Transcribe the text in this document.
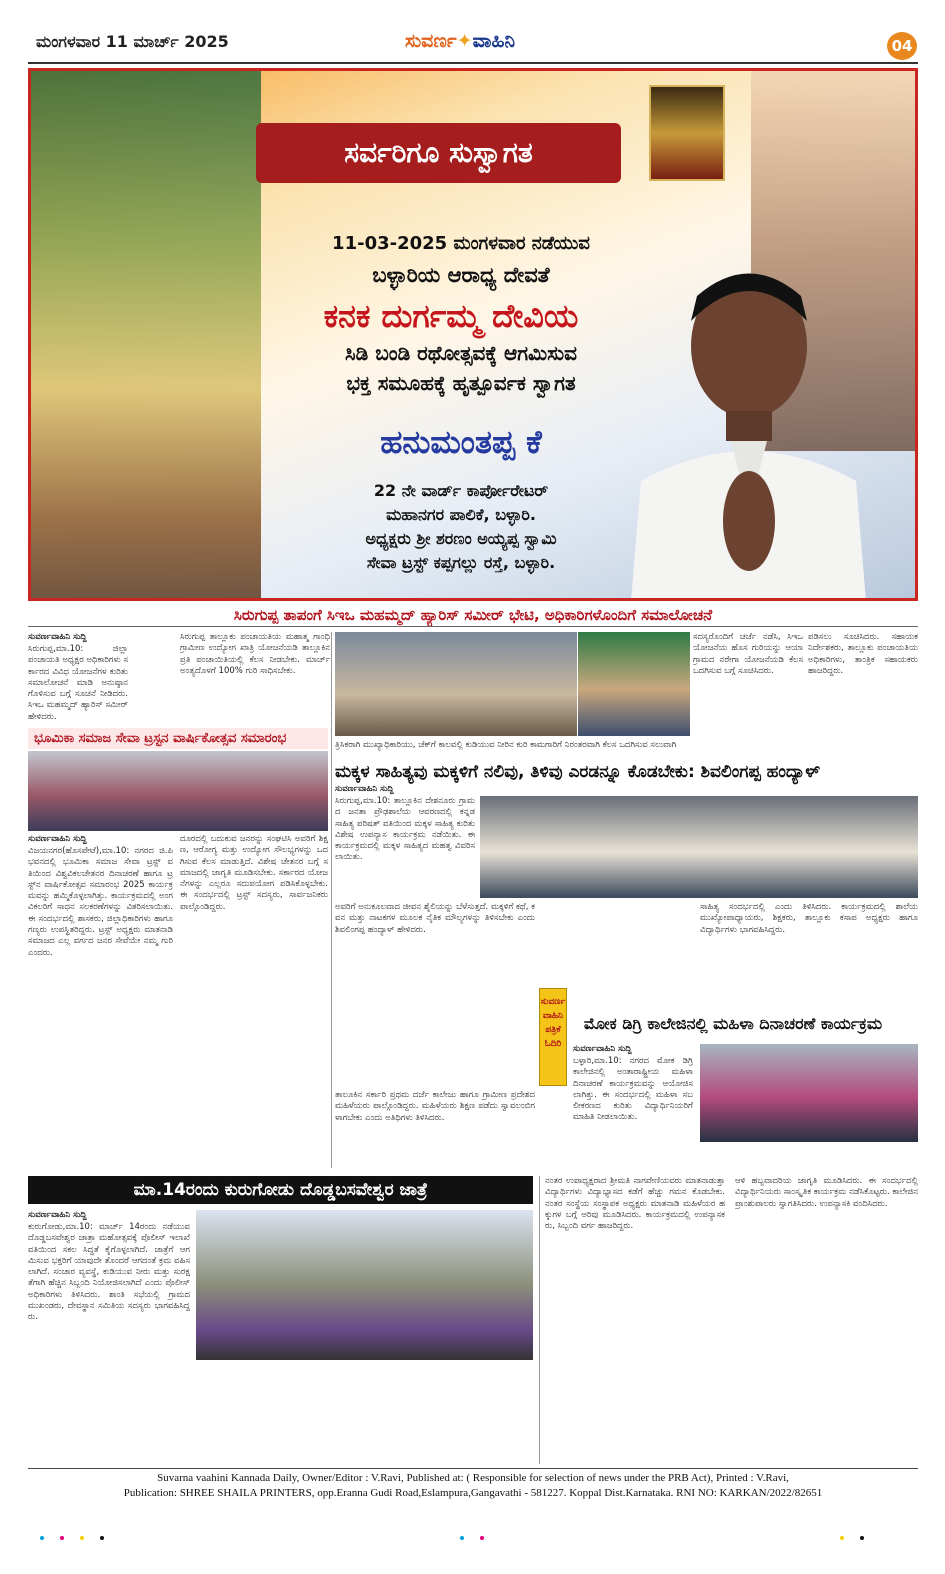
ಮಂಗಳವಾರ 11 ಮಾರ್ಚ್ 2025	ಸುವರ್ಣ✦ವಾಹಿನಿ	04
ಸರ್ವರಿಗೂ ಸುಸ್ವಾಗತ
11-03-2025 ಮಂಗಳವಾರ ನಡೆಯುವ
ಬಳ್ಳಾರಿಯ ಆರಾಧ್ಯ ದೇವತೆ
ಕನಕ ದುರ್ಗಮ್ಮ ದೇವಿಯ
ಸಿಡಿ ಬಂಡಿ ರಥೋತ್ಸವಕ್ಕೆ ಆಗಮಿಸುವ
ಭಕ್ತ ಸಮೂಹಕ್ಕೆ ಹೃತ್ಪೂರ್ವಕ ಸ್ವಾಗತ
ಹನುಮಂತಪ್ಪ ಕೆ
22 ನೇ ವಾರ್ಡ್ ಕಾರ್ಪೋರೇಟರ್
ಮಹಾನಗರ ಪಾಲಿಕೆ, ಬಳ್ಳಾರಿ.
ಅಧ್ಯಕ್ಷರು ಶ್ರೀ ಶರಣಂ ಅಯ್ಯಪ್ಪ ಸ್ವಾಮಿ
ಸೇವಾ ಟ್ರಸ್ಟ್ ಕಪ್ಪಗಲ್ಲು ರಸ್ತೆ, ಬಳ್ಳಾರಿ.
ಸಿರುಗುಪ್ಪ ತಾಪಂಗೆ ಸಿಇಒ ಮಹಮ್ಮದ್ ಹ್ಯಾರಿಸ್ ಸಮೀರ್ ಭೇಟಿ, ಅಧಿಕಾರಿಗಳೊಂದಿಗೆ ಸಮಾಲೋಚನೆ
ಸುವರ್ಣವಾಹಿನಿ ಸುದ್ದಿ
ಸಿರುಗುಪ್ಪ,ಮಾ.10: ಜಿಲ್ಲಾ ಪಂಚಾಯತಿ ಅಧ್ಯಕ್ಷರ ಅಧಿಕಾರಿಗಳು ಸರ್ಕಾರದ ವಿವಿಧ ಯೋಜನೆಗಳ ಕುರಿತು ಸಮಾಲೋಚನೆ ಮಾಡಿ ಅನುಷ್ಠಾನಗೊಳಿಸುವ ಬಗ್ಗೆ ಸೂಚನೆ ನೀಡಿದರು. ಸಿಇಒ ಮಹಮ್ಮದ್ ಹ್ಯಾರಿಸ್ ಸಮೀರ್ ಹೇಳಿದರು.
ಸಿರುಗುಪ್ಪ ತಾಲ್ಲೂಕು ಪಂಚಾಯತಿಯ ಮಹಾತ್ಮ ಗಾಂಧಿ ಗ್ರಾಮೀಣ ಉದ್ಯೋಗ ಖಾತ್ರಿ ಯೋಜನೆಯಡಿ ತಾಲ್ಲೂಕಿನ ಪ್ರತಿ ಪಂಚಾಯಿತಿಯಲ್ಲಿ ಕೆಲಸ ನೀಡಬೇಕು. ಮಾರ್ಚ್ ಅಂತ್ಯದೊಳಗೆ 100% ಗುರಿ ಸಾಧಿಸಬೇಕು.
ಸದಸ್ಯರೊಂದಿಗೆ ಚರ್ಚೆ ನಡೆಸಿ, ಸಿಇಒ ಯೋಜನೆಯ ಹೊಸ ಗುರಿಯನ್ನು ಆಯಾ ಗ್ರಾಮದ ನರೇಗಾ ಯೋಜನೆಯಡಿ ಕೆಲಸ ಒದಗಿಸುವ ಬಗ್ಗೆ ಸೂಚಿಸಿದರು.
ಪಡಿಸಲು ಸೂಚಿಸಿದರು. ಸಹಾಯಕ ನಿರ್ದೇಶಕರು, ತಾಲ್ಲೂಕು ಪಂಚಾಯತಿಯ ಅಧಿಕಾರಿಗಳು, ತಾಂತ್ರಿಕ ಸಹಾಯಕರು ಹಾಜರಿದ್ದರು.
ತ್ರಿಸಿಕರಾಗಿ ಮುಖ್ಯಾಧಿಕಾರಿಯು, ಚೆಕ್‌ಗೆ ಕಾಲವಲ್ಲಿ ಕುಡಿಯುವ ನೀರಿನ ಕುರಿ ಕಾಮಗಾರಿಗೆ ನಿರಂತರವಾಗಿ ಕೆಲಸ ಒದಗಿಸುವ ಸಲುವಾಗಿ
ಭೂಮಿಕಾ ಸಮಾಜ ಸೇವಾ ಟ್ರಸ್ಟನ ವಾರ್ಷಿಕೋತ್ಸವ ಸಮಾರಂಭ
ಸುವರ್ಣವಾಹಿನಿ ಸುದ್ದಿ
ವಿಜಯನಗರ(ಹೊಸಪೇಟೆ),ಮಾ.10: ನಗರದ ಜಿ.ಪಿ ಭವನದಲ್ಲಿ ಭೂಮಿಕಾ ಸಮಾಜ ಸೇವಾ ಟ್ರಸ್ಟ್ ವತಿಯಿಂದ ವಿಶ್ವವಿಕಲಚೇತನರ ದಿನಾಚರಣೆ ಹಾಗೂ ಟ್ರಸ್ಟ್‌ನ ವಾರ್ಷಿಕೋತ್ಸವ ಸಮಾರಂಭ 2025 ಕಾರ್ಯಕ್ರಮವನ್ನು ಹಮ್ಮಿಕೊಳ್ಳಲಾಗಿತ್ತು. ಕಾರ್ಯಕ್ರಮದಲ್ಲಿ ಅಂಗವಿಕಲರಿಗೆ ಸಾಧನ ಸಲಕರಣೆಗಳನ್ನು ವಿತರಿಸಲಾಯಿತು. ಈ ಸಂದರ್ಭದಲ್ಲಿ ಶಾಸಕರು, ಜಿಲ್ಲಾಧಿಕಾರಿಗಳು ಹಾಗೂ ಗಣ್ಯರು ಉಪಸ್ಥಿತರಿದ್ದರು. ಟ್ರಸ್ಟ್ ಅಧ್ಯಕ್ಷರು ಮಾತನಾಡಿ ಸಮಾಜದ ಎಲ್ಲ ವರ್ಗದ ಜನರ ಸೇವೆಯೇ ನಮ್ಮ ಗುರಿ ಎಂದರು.
ದೂರದಲ್ಲಿ ಬದುಕುವ ಜನರನ್ನು ಸಂಘಟಿಸಿ ಅವರಿಗೆ ಶಿಕ್ಷಣ, ಆರೋಗ್ಯ ಮತ್ತು ಉದ್ಯೋಗ ಸೌಲಭ್ಯಗಳನ್ನು ಒದಗಿಸುವ ಕೆಲಸ ಮಾಡುತ್ತಿದೆ. ವಿಶೇಷ ಚೇತನರ ಬಗ್ಗೆ ಸಮಾಜದಲ್ಲಿ ಜಾಗೃತಿ ಮೂಡಿಸಬೇಕು. ಸರ್ಕಾರದ ಯೋಜನೆಗಳನ್ನು ಎಲ್ಲರೂ ಸದುಪಯೋಗ ಪಡಿಸಿಕೊಳ್ಳಬೇಕು. ಈ ಸಂದರ್ಭದಲ್ಲಿ ಟ್ರಸ್ಟ್ ಸದಸ್ಯರು, ಸಾರ್ವಜನಿಕರು ಪಾಲ್ಗೊಂಡಿದ್ದರು.
ಮಕ್ಕಳ ಸಾಹಿತ್ಯವು ಮಕ್ಕಳಿಗೆ ನಲಿವು, ತಿಳಿವು ಎರಡನ್ನೂ ಕೊಡಬೇಕು: ಶಿವಲಿಂಗಪ್ಪ ಹಂದ್ಯಾಳ್
ಸುವರ್ಣವಾಹಿನಿ ಸುದ್ದಿ
ಸಿರುಗುಪ್ಪ,ಮಾ.10: ತಾಲ್ಲೂಕಿನ ದೇಶನೂರು ಗ್ರಾಮದ ಜನತಾ ಪ್ರೌಢಶಾಲೆಯ ಆವರಣದಲ್ಲಿ ಕನ್ನಡ ಸಾಹಿತ್ಯ ಪರಿಷತ್ ವತಿಯಿಂದ ಮಕ್ಕಳ ಸಾಹಿತ್ಯ ಕುರಿತು ವಿಶೇಷ ಉಪನ್ಯಾಸ ಕಾರ್ಯಕ್ರಮ ನಡೆಯಿತು. ಈ ಕಾರ್ಯಕ್ರಮದಲ್ಲಿ ಮಕ್ಕಳ ಸಾಹಿತ್ಯದ ಮಹತ್ವ ವಿವರಿಸಲಾಯಿತು.
ಅವರಿಗೆ ಅನುಕೂಲವಾದ ಜೀವನ ಶೈಲಿಯನ್ನು ಬೆಳೆಸುತ್ತದೆ. ಮಕ್ಕಳಿಗೆ ಕಥೆ, ಕವನ ಮತ್ತು ನಾಟಕಗಳ ಮೂಲಕ ನೈತಿಕ ಮೌಲ್ಯಗಳನ್ನು ತಿಳಿಸಬೇಕು ಎಂದು ಶಿವಲಿಂಗಪ್ಪ ಹಂದ್ಯಾಳ್ ಹೇಳಿದರು.
ಸಾಹಿತ್ಯ ಸಂದರ್ಭದಲ್ಲಿ ಎಂದು ತಿಳಿಸಿದರು. ಕಾರ್ಯಕ್ರಮದಲ್ಲಿ ಶಾಲೆಯ ಮುಖ್ಯೋಪಾಧ್ಯಾಯರು, ಶಿಕ್ಷಕರು, ತಾಲ್ಲೂಕು ಕಸಾಪ ಅಧ್ಯಕ್ಷರು ಹಾಗೂ ವಿದ್ಯಾರ್ಥಿಗಳು ಭಾಗವಹಿಸಿದ್ದರು.
ಸುವರ್ಣ ವಾಹಿನಿ ಪತ್ರಿಕೆ ಓದಿರಿ
ಮೋಕ ಡಿಗ್ರಿ ಕಾಲೇಜಿನಲ್ಲಿ ಮಹಿಳಾ ದಿನಾಚರಣೆ ಕಾರ್ಯಕ್ರಮ
ಸುವರ್ಣವಾಹಿನಿ ಸುದ್ದಿ
ಬಳ್ಳಾರಿ,ಮಾ.10: ನಗರದ ಮೋಕ ಡಿಗ್ರಿ ಕಾಲೇಜಿನಲ್ಲಿ ಅಂತಾರಾಷ್ಟ್ರೀಯ ಮಹಿಳಾ ದಿನಾಚರಣೆ ಕಾರ್ಯಕ್ರಮವನ್ನು ಆಯೋಜಿಸಲಾಗಿತ್ತು. ಈ ಸಂದರ್ಭದಲ್ಲಿ ಮಹಿಳಾ ಸಬಲೀಕರಣದ ಕುರಿತು ವಿದ್ಯಾರ್ಥಿನಿಯರಿಗೆ ಮಾಹಿತಿ ನೀಡಲಾಯಿತು.
ತಾಲೂಕಿನ ಸರ್ಕಾರಿ ಪ್ರಥಮ ದರ್ಜೆ ಕಾಲೇಜು ಹಾಗೂ ಗ್ರಾಮೀಣ ಪ್ರದೇಶದ ಮಹಿಳೆಯರು ಪಾಲ್ಗೊಂಡಿದ್ದರು. ಮಹಿಳೆಯರು ಶಿಕ್ಷಣ ಪಡೆದು ಸ್ವಾವಲಂಬಿಗಳಾಗಬೇಕು ಎಂದು ಅತಿಥಿಗಳು ತಿಳಿಸಿದರು.
ಮಾ.14ರಂದು ಕುರುಗೋಡು ದೊಡ್ಡಬಸವೇಶ್ವರ ಜಾತ್ರೆ
ಸುವರ್ಣವಾಹಿನಿ ಸುದ್ದಿ
ಕುರುಗೋಡು,ಮಾ.10: ಮಾರ್ಚ್ 14ರಂದು ನಡೆಯುವ ದೊಡ್ಡಬಸವೇಶ್ವರ ಜಾತ್ರಾ ಮಹೋತ್ಸವಕ್ಕೆ ಪೊಲೀಸ್ ಇಲಾಖೆ ವತಿಯಿಂದ ಸಕಲ ಸಿದ್ಧತೆ ಕೈಗೊಳ್ಳಲಾಗಿದೆ. ಜಾತ್ರೆಗೆ ಆಗಮಿಸುವ ಭಕ್ತರಿಗೆ ಯಾವುದೇ ತೊಂದರೆ ಆಗದಂತೆ ಕ್ರಮ ವಹಿಸಲಾಗಿದೆ. ಸಂಚಾರ ವ್ಯವಸ್ಥೆ, ಕುಡಿಯುವ ನೀರು ಮತ್ತು ಸುರಕ್ಷತೆಗಾಗಿ ಹೆಚ್ಚಿನ ಸಿಬ್ಬಂದಿ ನಿಯೋಜಿಸಲಾಗಿದೆ ಎಂದು ಪೊಲೀಸ್ ಅಧಿಕಾರಿಗಳು ತಿಳಿಸಿದರು. ಶಾಂತಿ ಸಭೆಯಲ್ಲಿ ಗ್ರಾಮದ ಮುಖಂಡರು, ದೇವಸ್ಥಾನ ಸಮಿತಿಯ ಸದಸ್ಯರು ಭಾಗವಹಿಸಿದ್ದರು.
ನಂತರ ಉಪಾಧ್ಯಕ್ಷರಾದ ಶ್ರೀಮತಿ ನಾಗವೇಣಿಯವರು ಮಾತನಾಡುತ್ತಾ ವಿದ್ಯಾರ್ಥಿಗಳು ವಿದ್ಯಾಭ್ಯಾಸದ ಕಡೆಗೆ ಹೆಚ್ಚು ಗಮನ ಕೊಡಬೇಕು. ನಂತರ ಸಂಸ್ಥೆಯ ಸಂಸ್ಥಾಪಕ ಅಧ್ಯಕ್ಷರು ಮಾತನಾಡಿ ಮಹಿಳೆಯರ ಹಕ್ಕುಗಳ ಬಗ್ಗೆ ಅರಿವು ಮೂಡಿಸಿದರು. ಕಾರ್ಯಕ್ರಮದಲ್ಲಿ ಉಪನ್ಯಾಸಕರು, ಸಿಬ್ಬಂದಿ ವರ್ಗ ಹಾಜರಿದ್ದರು.
ಆಳಿ ಹಬ್ಬವಾದರಿಯ ಜಾಗೃತಿ ಮೂಡಿಸಿದರು. ಈ ಸಂದರ್ಭದಲ್ಲಿ ವಿದ್ಯಾರ್ಥಿನಿಯರು ಸಾಂಸ್ಕೃತಿಕ ಕಾರ್ಯಕ್ರಮ ನಡೆಸಿಕೊಟ್ಟರು. ಕಾಲೇಜಿನ ಪ್ರಾಂಶುಪಾಲರು ಸ್ವಾಗತಿಸಿದರು. ಉಪನ್ಯಾಸಕಿ ವಂದಿಸಿದರು.
Suvarna vaahini Kannada Daily, Owner/Editor : V.Ravi, Published at: ( Responsible for selection of news under the PRB Act), Printed : V.Ravi,
Publication: SHREE SHAILA PRINTERS, opp.Eranna Gudi Road,Eslampura,Gangavathi - 581227. Koppal Dist.Karnataka. RNI NO: KARKAN/2022/82651
